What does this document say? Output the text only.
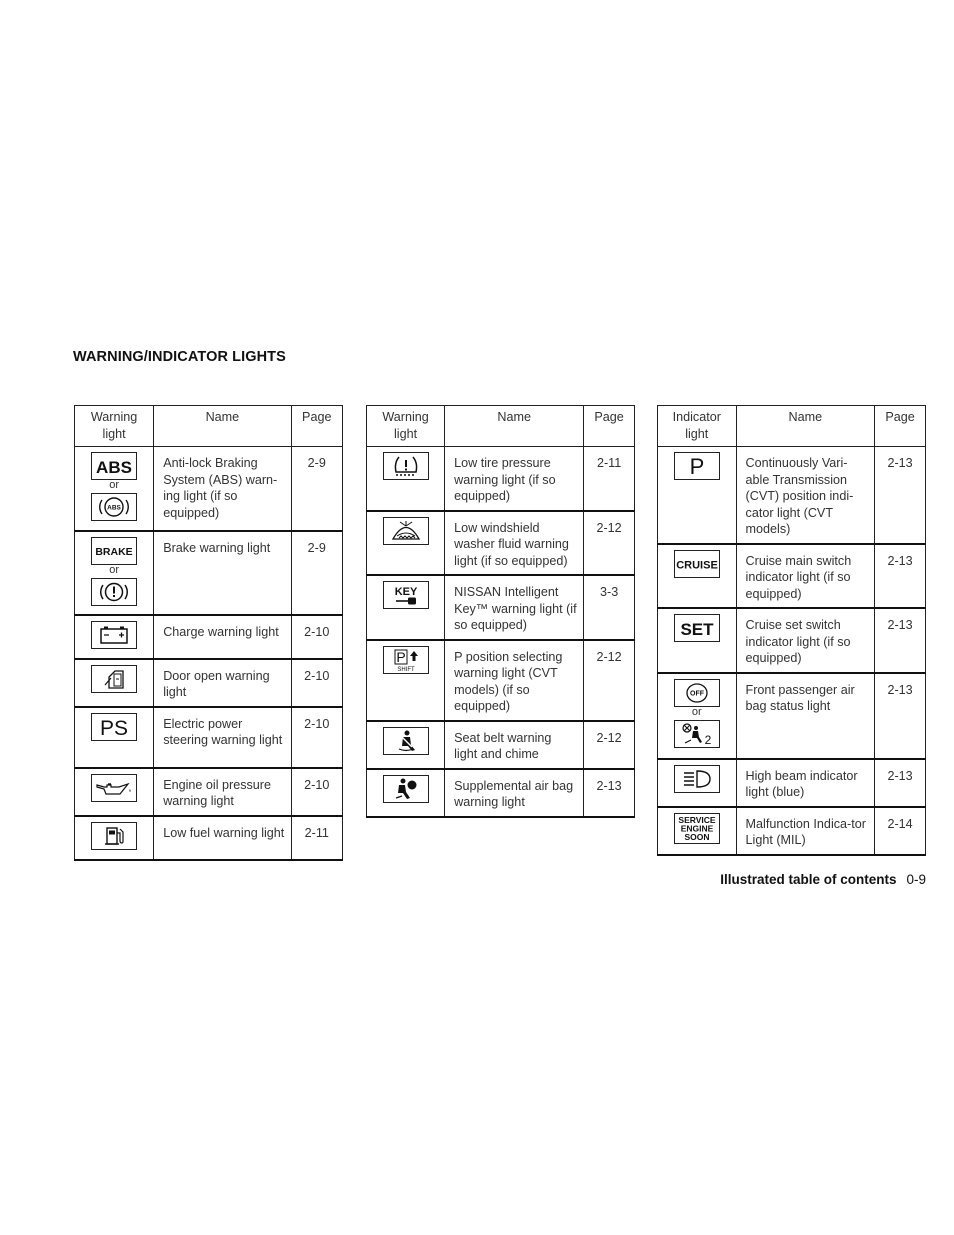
WARNING/INDICATOR LIGHTS
Warning
light	Name	Page

ABS
or
ABS	Anti-lock Braking System (ABS) warn-ing light (if so equipped)	2-9

BRAKE
or	Brake warning light	2-9

	Charge warning light	2-10

	Door open warning light	2-10

PS	Electric power steering warning light	2-10

	Engine oil pressure warning light	2-10

	Low fuel warning light	2-11
Warning
light	Name	Page

	Low tire pressure warning light (if so equipped)	2-11

	Low windshield washer fluid warning light (if so equipped)	2-12

KEY	NISSAN Intelligent Key™ warning light (if so equipped)	3-3

P
SHIFT	P position selecting warning light (CVT models) (if so equipped)	2-12

	Seat belt warning light and chime	2-12

	Supplemental air bag warning light	2-13
Indicator
light	Name	Page

P	Continuously Vari-able Transmission (CVT) position indi-cator light (CVT models)	2-13

CRUISE	Cruise main switch indicator light (if so equipped)	2-13

SET	Cruise set switch indicator light (if so equipped)	2-13

OFF
or
2	Front passenger air bag status light	2-13

	High beam indicator light (blue)	2-13

SERVICE
ENGINE
SOON	Malfunction Indica-tor Light (MIL)	2-14
Illustrated table of contents 0-9
